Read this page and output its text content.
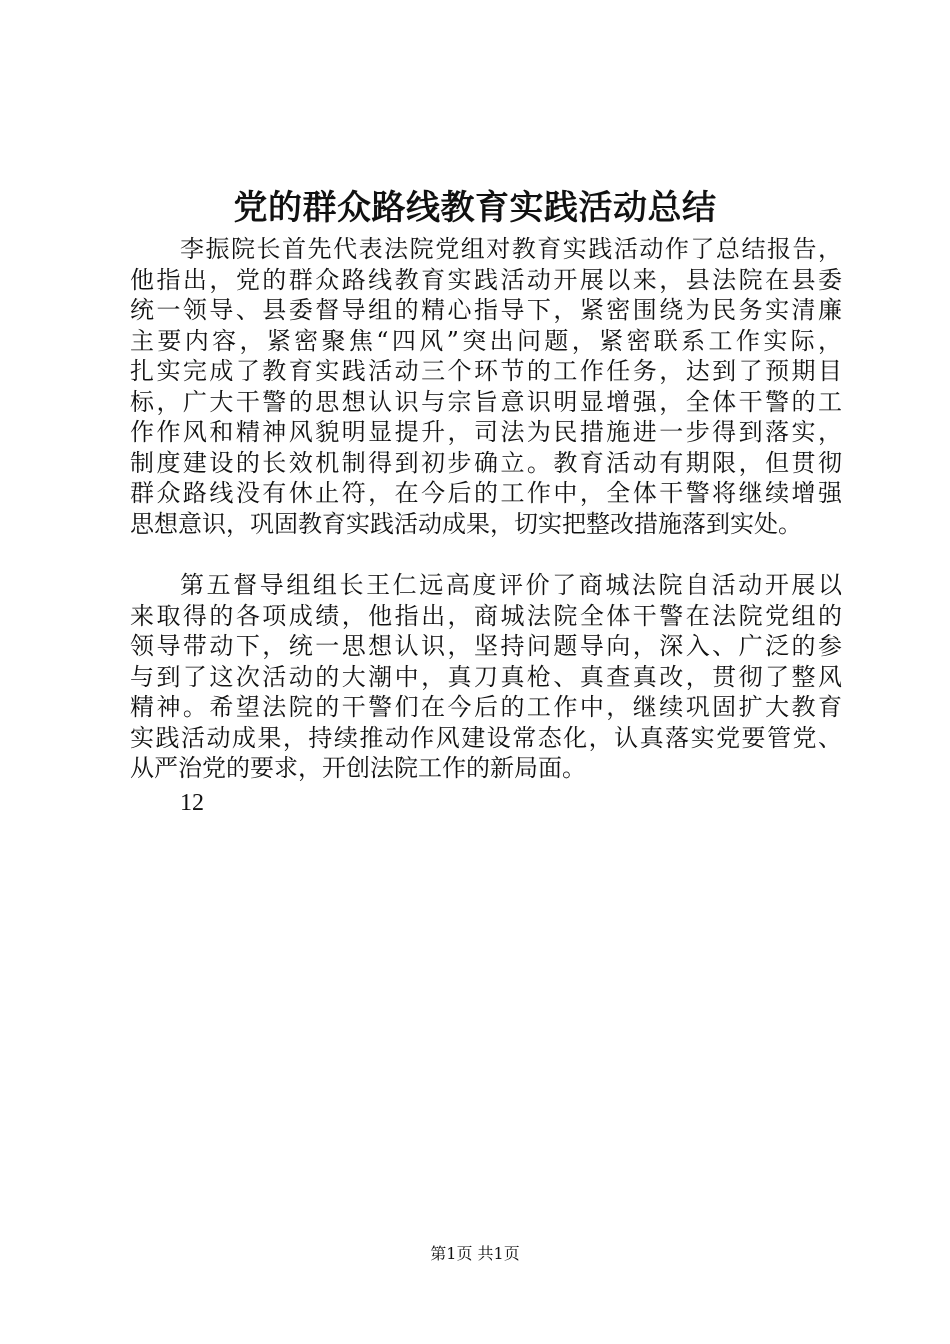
党的群众路线教育实践活动总结
李振院长首先代表法院党组对教育实践活动作了总结报告，
他指出，党的群众路线教育实践活动开展以来，县法院在县委
统一领导、县委督导组的精心指导下，紧密围绕为民务实清廉
主要内容，紧密聚焦“四风”突出问题，紧密联系工作实际，
扎实完成了教育实践活动三个环节的工作任务，达到了预期目
标，广大干警的思想认识与宗旨意识明显增强，全体干警的工
作作风和精神风貌明显提升，司法为民措施进一步得到落实，
制度建设的长效机制得到初步确立。教育活动有期限，但贯彻
群众路线没有休止符，在今后的工作中，全体干警将继续增强
思想意识，巩固教育实践活动成果，切实把整改措施落到实处。
第五督导组组长王仁远高度评价了商城法院自活动开展以
来取得的各项成绩，他指出，商城法院全体干警在法院党组的
领导带动下，统一思想认识，坚持问题导向，深入、广泛的参
与到了这次活动的大潮中，真刀真枪、真查真改，贯彻了整风
精神。希望法院的干警们在今后的工作中，继续巩固扩大教育
实践活动成果，持续推动作风建设常态化，认真落实党要管党、
从严治党的要求，开创法院工作的新局面。
12
第1页 共1页
